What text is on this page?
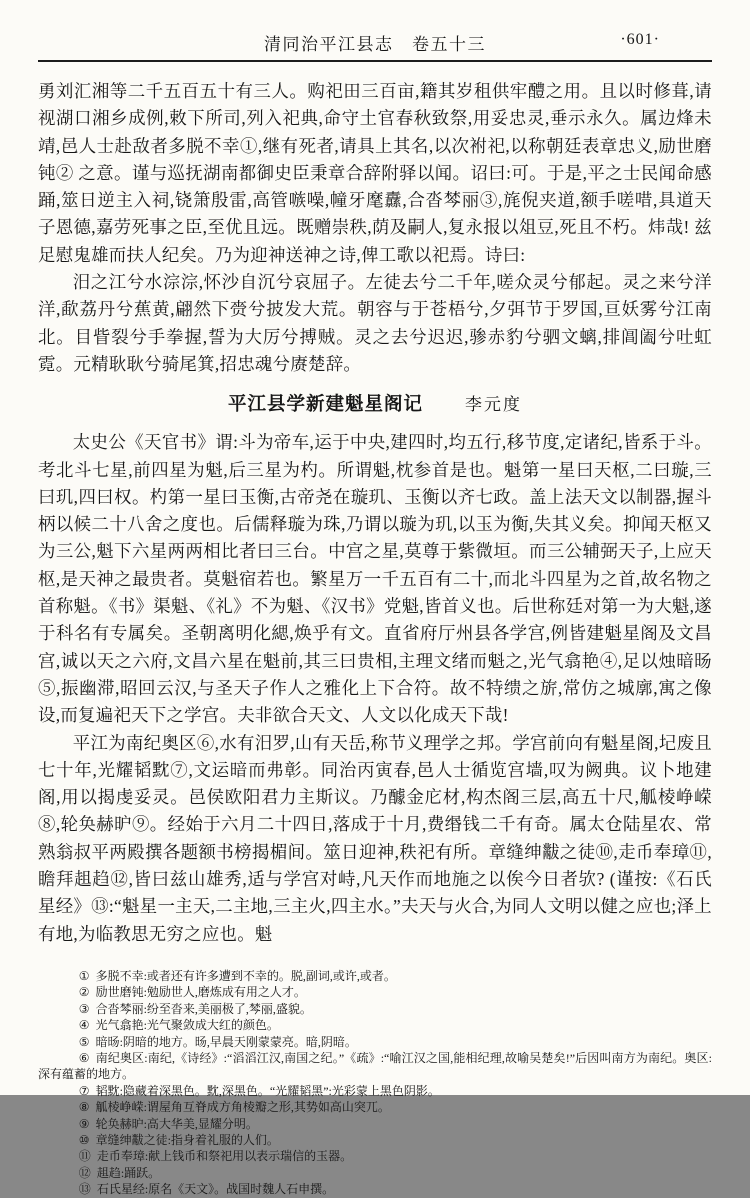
清同治平江县志　卷五十三	·601·

勇刘汇湘等二千五百五十有三人。购祀田三百亩,籍其岁租供牢醴之用。且以时修葺,请视湖口湘乡成例,敕下所司,列入祀典,命守土官春秋致祭,用妥忠灵,垂示永久。属边烽未靖,邑人士赴敌者多脱不幸①,继有死者,请具上其名,以次袝祀,以称朝廷表章忠义,励世磨钝② 之意。谨与巡抚湖南都御史臣秉章合辞附驿以闻。诏曰:可。于是,平之士民闻命感踊,筮日逆主入祠,铙箫殷雷,高管嗾噪,幢牙麾纛,合沓棽丽③,旄倪夹道,额手嗟唶,具道天子恩德,嘉劳死事之臣,至优且远。既赠崇秩,荫及嗣人,复永报以俎豆,死且不朽。炜哉! 兹足慰鬼雄而扶人纪矣。乃为迎神送神之诗,俾工歌以祀焉。诗曰:

汨之江兮水淙淙,怀沙自沉兮哀屈子。左徒去兮二千年,嗟众灵兮郁起。灵之来兮洋洋,歃荔丹兮蕉黄,翩然下赍兮披发大荒。朝容与于苍梧兮,夕弭节于罗国,亘妖雾兮江南北。目眥裂兮手拳握,誓为大厉兮搏贼。灵之去兮迟迟,骖赤豹兮驷文螭,排阊阖兮吐虹霓。元精耿耿兮骑尾箕,招忠魂兮赓楚辞。

平江县学新建魁星阁记 李元度

太史公《天官书》谓:斗为帝车,运于中央,建四时,均五行,移节度,定诸纪,皆系于斗。考北斗七星,前四星为魁,后三星为杓。所谓魁,枕参首是也。魁第一星曰天枢,二曰璇,三曰玑,四曰权。杓第一星曰玉衡,古帝尧在璇玑、玉衡以齐七政。盖上法天文以制器,握斗柄以候二十八舍之度也。后儒释璇为珠,乃谓以璇为玑,以玉为衡,失其义矣。抑闻天枢又为三公,魁下六星两两相比者曰三台。中宫之星,莫尊于紫微垣。而三公辅弼天子,上应天枢,是天神之最贵者。莫魁宿若也。繁星万一千五百有二十,而北斗四星为之首,故名物之首称魁。《书》渠魁、《礼》不为魁、《汉书》党魁,皆首义也。后世称廷对第一为大魁,遂于科名有专属矣。圣朝离明化緦,焕乎有文。直省府厅州县各学宫,例皆建魁星阁及文昌宫,诚以天之六府,文昌六星在魁前,其三曰贵相,主理文绪而魁之,光气翕艳④,足以烛暗旸⑤,振幽滞,昭回云汉,与圣天子作人之雅化上下合符。故不特缋之旂,常仿之城廓,寓之像设,而复遍祀天下之学宫。夫非欲合天文、人文以化成天下哉!

平江为南纪奥区⑥,水有汨罗,山有天岳,称节义理学之邦。学宫前向有魁星阁,圮废且七十年,光耀韬黕⑦,文运暗而弗彰。同治丙寅春,邑人士循览宫墙,叹为阙典。议卜地建阁,用以揭虔妥灵。邑侯欧阳君力主斯议。乃醵金庀材,构杰阁三层,高五十尺,觚棱峥嵘⑧,轮奂赫昈⑨。经始于六月二十四日,落成于十月,费缗钱二千有奇。属太仓陆星农、常熟翁叔平两殿撰各题额书榜揭楣间。筮日迎神,秩祀有所。章缝绅黻之徒⑩,走币奉璋⑪,瞻拜趄趋⑫,皆曰兹山雄秀,适与学宫对峙,凡天作而地施之以俟今日者欤? (谨按:《石氏星经》⑬:“魁星一主天,二主地,三主火,四主水。”夫天与火合,为同人文明以健之应也;泽上有地,为临教思无穷之应也。魁

① 多脱不幸:或者还有许多遭到不幸的。脱,副词,或许,或者。

② 励世磨钝:勉励世人,磨炼成有用之人才。

③ 合沓棽丽:纷至沓来,美丽极了,棽丽,盛貌。

④ 光气翕艳:光气聚敛成大红的颜色。

⑤ 暗旸:阴暗的地方。旸,早晨天刚蒙蒙亮。暗,阴暗。

⑥ 南纪奥区:南纪,《诗经》:“滔滔江汉,南国之纪。”《疏》:“喻江汉之国,能相纪理,故喻吴楚矣!”后因叫南方为南纪。奥区:深有蕴蓄的地方。

⑦ 韬黕:隐藏着深黑色。黕,深黑色。“光耀韬黑”:光彩蒙上黑色阴影。

⑧ 觚棱峥嵘:谓屋角互脊成方角棱瓣之形,其势如高山突兀。

⑨ 轮奂赫昈:高大华美,显耀分明。

⑩ 章缝绅黻之徒:指身着礼服的人们。

⑪ 走币奉璋:献上钱币和祭祀用以表示瑞信的玉器。

⑫ 趄趋:踊跃。

⑬ 石氏星经:原名《天文》。战国时魏人石申撰。
